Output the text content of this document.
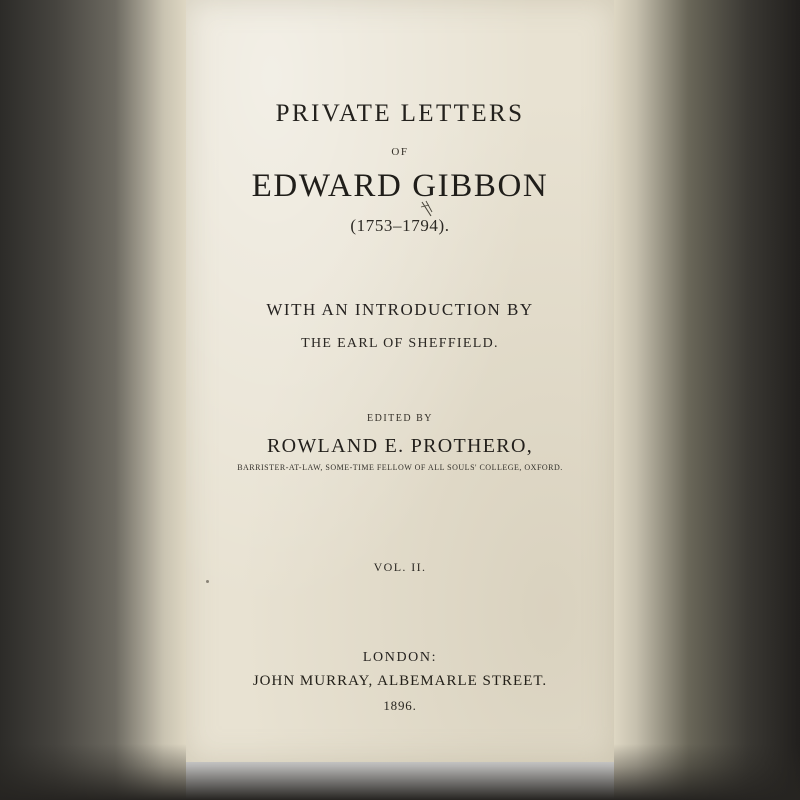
PRIVATE LETTERS
OF
EDWARD GIBBON
(1753–1794).
WITH AN INTRODUCTION BY
THE EARL OF SHEFFIELD.
EDITED BY
ROWLAND E. PROTHERO,
BARRISTER-AT-LAW, SOME-TIME FELLOW OF ALL SOULS' COLLEGE, OXFORD.
VOL. II.
LONDON:
JOHN MURRAY, ALBEMARLE STREET.
1896.
